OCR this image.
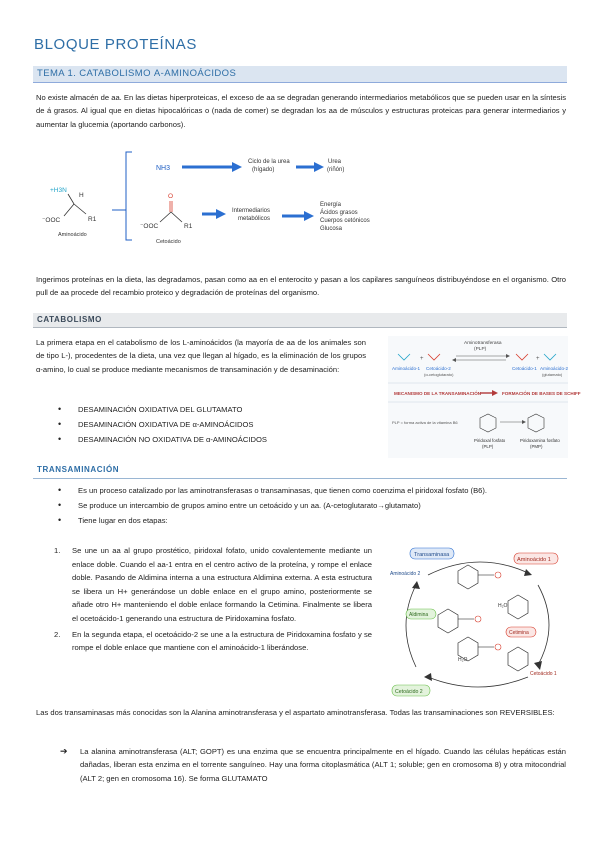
BLOQUE PROTEÍNAS
TEMA 1. CATABOLISMO Α-AMINOÁCIDOS

No existe almacén de aa. En las dietas hiperproteicas, el exceso de aa se degradan generando intermediarios metabólicos que se pueden usar en la síntesis de á grasos. Al igual que en dietas hipocalóricas o (nada de comer) se degradan los aa de músculos y estructuras proteicas para generar intermediarios y aumentar la glucemia (aportando carbonos).

+H3N
H
⁻OOC	R1
Aminoácido
NH3
Ciclo de la urea
(hígado)
Urea
(riñón)
O
⁻OOC	R1
Cetoácido
Intermediarios
metabólicos
Energía
Ácidos grasos
Cuerpos cetónicos
Glucosa

Ingerimos proteínas en la dieta, las degradamos, pasan como aa en el enterocito y pasan a los capilares sanguíneos distribuyéndose en el organismo. Otro pull de aa procede del recambio proteico y degradación de proteínas del organismo.

CATABOLISMO

La primera etapa en el catabolismo de los L-aminoácidos (la mayoría de aa de los animales son de tipo L-), procedentes de la dieta, una vez que llegan al hígado, es la eliminación de los grupos α-amino, lo cual se produce mediante mecanismos de transaminación y de desaminación:

• DESAMINACIÓN OXIDATIVA DEL GLUTAMATO
• DESAMINACIÓN OXIDATIVA DE α-AMINOÁCIDOS
• DESAMINACIÓN NO OXIDATIVA DE α-AMINOÁCIDOS
Aminotransferasa
(PLP)
Aminoácido-1 Cetoácido-2
(α-cetoglutarato)
Cetoácido-1 Aminoácido-2
(glutamato)
+	+
MECANISMO DE LA TRANSAMINACIÓN	FORMACIÓN DE BASES DE SCHIFF
PLP = forma activa de la vitamina B6
Piridoxal fosfato
(PLP)
Piridoxamina fosfato
(PMP)
TRANSAMINACIÓN
• Es un proceso catalizado por las aminotransferasas o transaminasas, que tienen como coenzima el piridoxal fosfato (B6).
• Se produce un intercambio de grupos amino entre un cetoácido y un aa. (A-cetoglutarato→glutamato)
• Tiene lugar en dos etapas:
1. Se une un aa al grupo prostético, piridoxal fofato, unido covalentemente mediante un enlace doble. Cuando el aa-1 entra en el centro activo de la proteína, y rompe el enlace doble. Pasando de Aldimina interna a una estructura Aldimina externa. A esta estructura se libera un H+ generándose un doble enlace en el grupo amino, posteriormente se añade otro H+ manteniendo el doble enlace formando la Cetimina. Finalmente se libera el ocetoácido-1 generando una estructura de Piridoxamina fosfato.
2. En la segunda etapa, el ocetoácido-2 se une a la estructura de Piridoxamina fosfato y se rompe el doble enlace que mantiene con el aminoácido-1 liberándose.
Transaminasa
Aminoácido 1
Aminoácido 2
Aldimina
Cetimina
Cetoácido 1
Cetoácido 2
H₂O
H₂O

Las dos transaminasas más conocidas son la Alanina aminotransferasa y el aspartato aminotransferasa. Todas las transaminaciones son REVERSIBLES:

➔ La alanina aminotransferasa (ALT; GOPT) es una enzima que se encuentra principalmente en el hígado. Cuando las células hepáticas están dañadas, liberan esta enzima en el torrente sanguíneo. Hay una forma citoplasmática (ALT 1; soluble; gen en cromosoma 8) y otra mitocondrial (ALT 2; gen en cromosoma 16). Se forma GLUTAMATO
